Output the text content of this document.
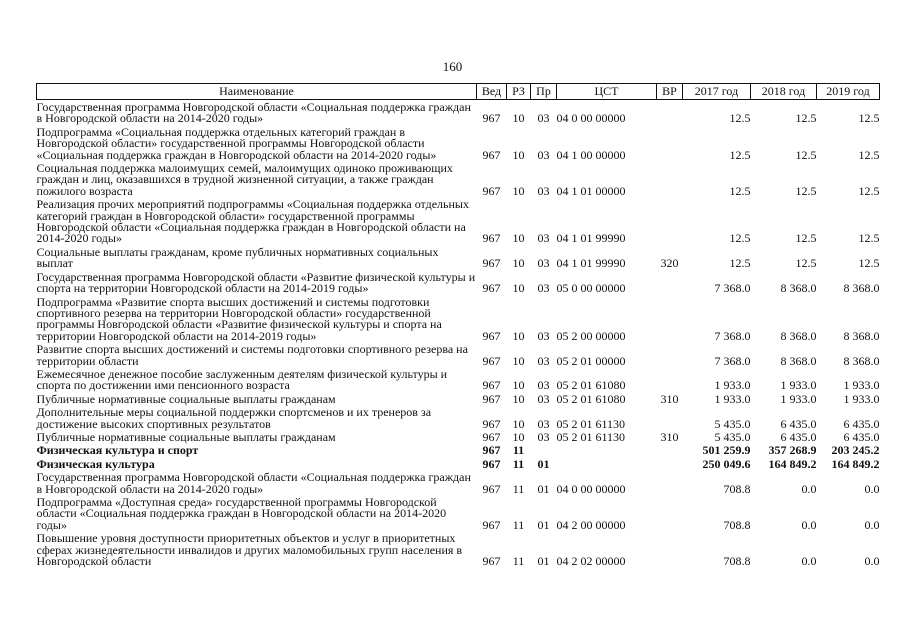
160
Наименование	Вед	РЗ	Пр	ЦСТ	ВР	2017 год	2018 год	2019 год
Государственная программа Новгородской области «Социальная поддержка граждан в Новгородской области на 2014-2020 годы»	967	10	03	04 0 00 00000		12.5	12.5	12.5
Подпрограмма «Социальная поддержка отдельных категорий граждан в Новгородской области» государственной программы Новгородской области «Социальная поддержка граждан в Новгородской области на 2014-2020 годы»	967	10	03	04 1 00 00000		12.5	12.5	12.5
Социальная поддержка малоимущих семей, малоимущих одиноко проживающих граждан и лиц, оказавшихся в трудной жизненной ситуации, а также граждан пожилого возраста	967	10	03	04 1 01 00000		12.5	12.5	12.5
Реализация прочих мероприятий подпрограммы «Социальная поддержка отдельных категорий граждан в Новгородской области» государственной программы Новгородской области «Социальная поддержка граждан в Новгородской области на 2014-2020 годы»	967	10	03	04 1 01 99990		12.5	12.5	12.5
Социальные выплаты гражданам, кроме публичных нормативных социальных выплат	967	10	03	04 1 01 99990	320	12.5	12.5	12.5
Государственная программа Новгородской области «Развитие физической культуры и спорта на территории Новгородской области на 2014-2019 годы»	967	10	03	05 0 00 00000		7 368.0	8 368.0	8 368.0
Подпрограмма «Развитие спорта высших достижений и системы подготовки спортивного резерва на территории Новгородской области» государственной программы Новгородской области «Развитие физической культуры и спорта на территории Новгородской области на 2014-2019 годы»	967	10	03	05 2 00 00000		7 368.0	8 368.0	8 368.0
Развитие спорта высших достижений и системы подготовки спортивного резерва на территории области	967	10	03	05 2 01 00000		7 368.0	8 368.0	8 368.0
Ежемесячное денежное пособие заслуженным деятелям физической культуры и спорта по достижении ими пенсионного возраста	967	10	03	05 2 01 61080		1 933.0	1 933.0	1 933.0
Публичные нормативные социальные выплаты гражданам	967	10	03	05 2 01 61080	310	1 933.0	1 933.0	1 933.0
Дополнительные меры социальной поддержки спортсменов и их тренеров за достижение высоких спортивных результатов	967	10	03	05 2 01 61130		5 435.0	6 435.0	6 435.0
Публичные нормативные социальные выплаты гражданам	967	10	03	05 2 01 61130	310	5 435.0	6 435.0	6 435.0
Физическая культура и спорт	967	11				501 259.9	357 268.9	203 245.2
Физическая культура	967	11	01			250 049.6	164 849.2	164 849.2
Государственная программа Новгородской области «Социальная поддержка граждан в Новгородской области на 2014-2020 годы»	967	11	01	04 0 00 00000		708.8	0.0	0.0
Подпрограмма «Доступная среда» государственной программы Новгородской области «Социальная поддержка граждан в Новгородской области на 2014-2020 годы»	967	11	01	04 2 00 00000		708.8	0.0	0.0
Повышение уровня доступности приоритетных объектов и услуг в приоритетных сферах жизнедеятельности инвалидов и других маломобильных групп населения в Новгородской области	967	11	01	04 2 02 00000		708.8	0.0	0.0
